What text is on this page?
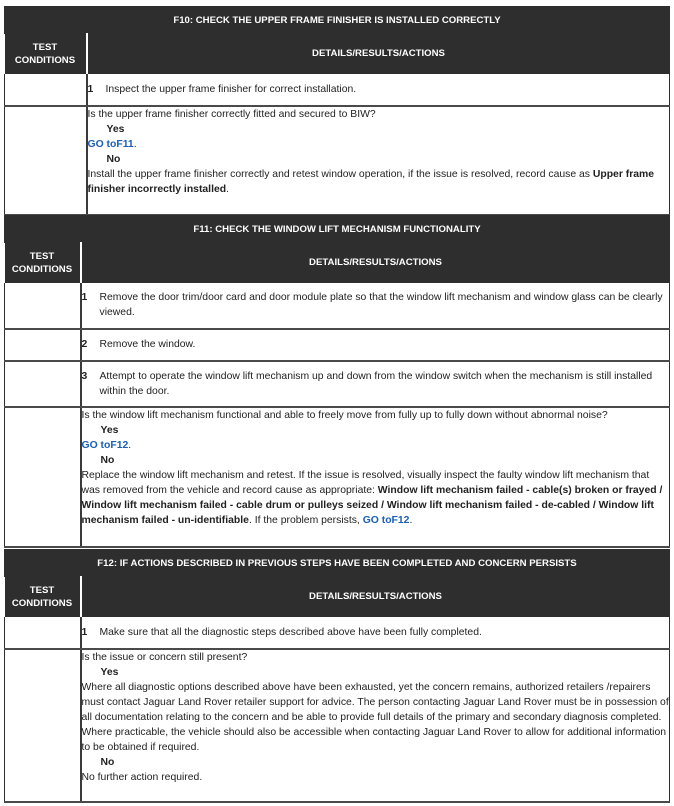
F10: CHECK THE UPPER FRAME FINISHER IS INSTALLED CORRECTLY	

TEST
CONDITIONS	DETAILS/RESULTS/ACTIONS

	1 Inspect the upper frame finisher for correct installation.

	Is the upper frame finisher correctly fitted and secured to BIW?
Yes
GO toF11.
No
Install the upper frame finisher correctly and retest window operation, if the issue is resolved, record cause as Upper frame finisher incorrectly installed.
F11: CHECK THE WINDOW LIFT MECHANISM FUNCTIONALITY	

TEST
CONDITIONS	DETAILS/RESULTS/ACTIONS

	1 Remove the door trim/door card and door module plate so that the window lift mechanism and window glass can be clearly viewed.

	2 Remove the window.

	3 Attempt to operate the window lift mechanism up and down from the window switch when the mechanism is still installed within the door.

	Is the window lift mechanism functional and able to freely move from fully up to fully down without abnormal noise?
Yes
GO toF12.
No
Replace the window lift mechanism and retest. If the issue is resolved, visually inspect the faulty window lift mechanism that was removed from the vehicle and record cause as appropriate: Window lift mechanism failed - cable(s) broken or frayed / Window lift mechanism failed - cable drum or pulleys seized / Window lift mechanism failed - de-cabled / Window lift mechanism failed - un-identifiable. If the problem persists, GO toF12.
F12: IF ACTIONS DESCRIBED IN PREVIOUS STEPS HAVE BEEN COMPLETED AND CONCERN PERSISTS	

TEST
CONDITIONS	DETAILS/RESULTS/ACTIONS

	1 Make sure that all the diagnostic steps described above have been fully completed.

	Is the issue or concern still present?
Yes
Where all diagnostic options described above have been exhausted, yet the concern remains, authorized retailers /repairers must contact Jaguar Land Rover retailer support for advice. The person contacting Jaguar Land Rover must be in possession of all documentation relating to the concern and be able to provide full details of the primary and secondary diagnosis completed. Where practicable, the vehicle should also be accessible when contacting Jaguar Land Rover to allow for additional information to be obtained if required.
No
No further action required.
